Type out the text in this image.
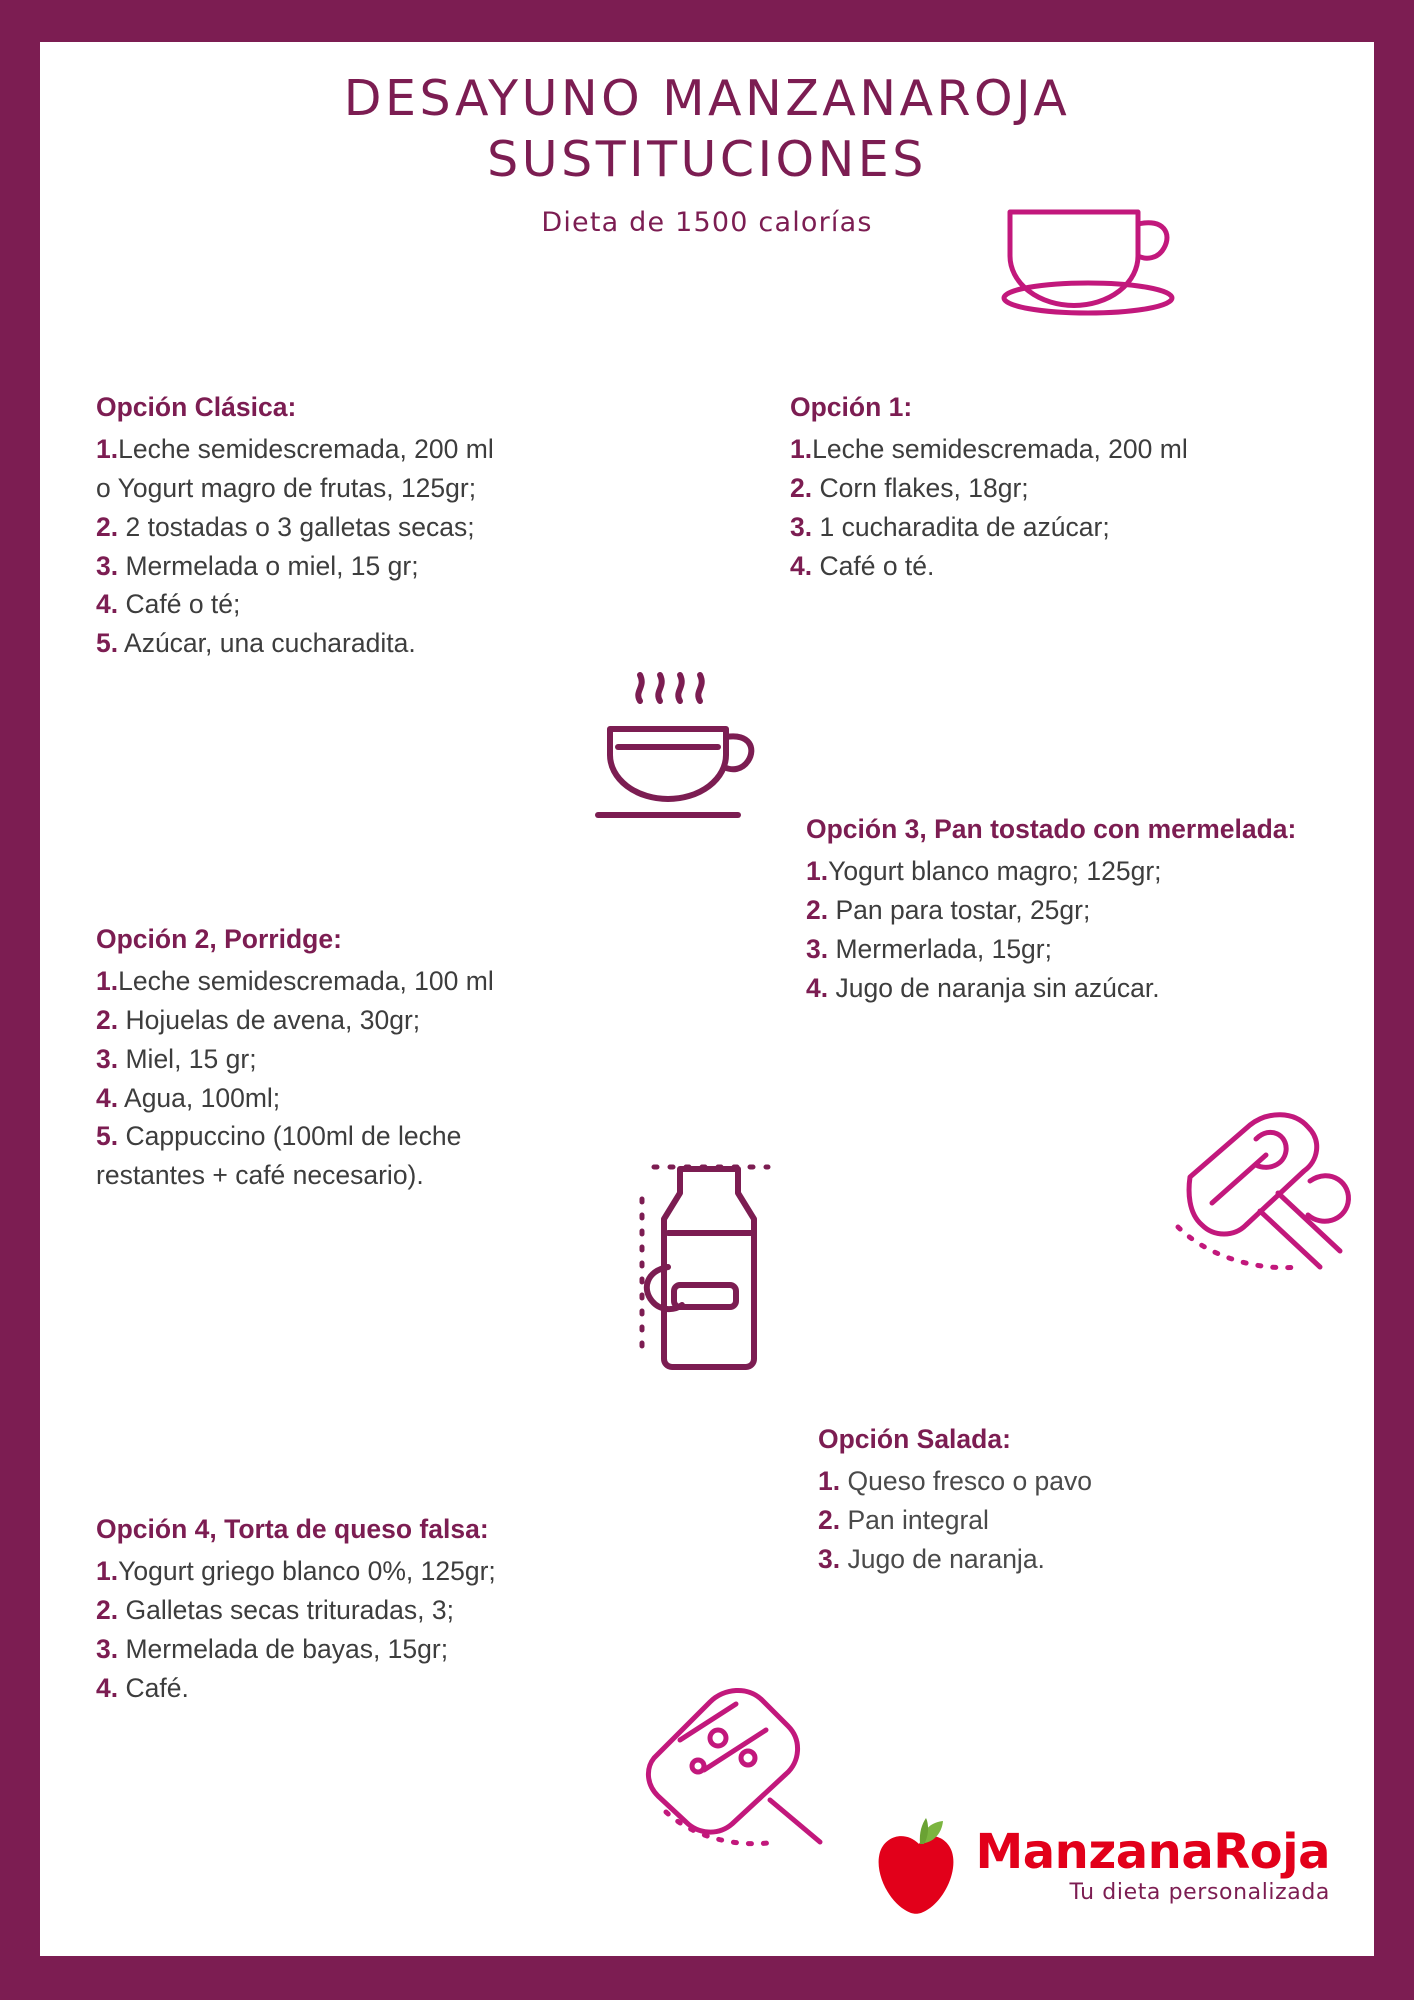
DESAYUNO MANZANAROJA
SUSTITUCIONES
Dieta de 1500 calorías
Opción Clásica:
1.Leche semidescremada, 200 ml
o Yogurt magro de frutas, 125gr;
2. 2 tostadas o 3 galletas secas;
3. Mermelada o miel, 15 gr;
4. Café o té;
5. Azúcar, una cucharadita.
Opción 1:
1.Leche semidescremada, 200 ml
2. Corn flakes, 18gr;
3. 1 cucharadita de azúcar;
4. Café o té.
Opción 3, Pan tostado con mermelada:
1.Yogurt blanco magro; 125gr;
2. Pan para tostar, 25gr;
3. Mermerlada, 15gr;
4. Jugo de naranja sin azúcar.
Opción 2, Porridge:
1.Leche semidescremada, 100 ml
2. Hojuelas de avena, 30gr;
3. Miel, 15 gr;
4. Agua, 100ml;
5. Cappuccino (100ml de leche
restantes + café necesario).
Opción Salada:
1. Queso fresco o pavo
2. Pan integral
3. Jugo de naranja.
Opción 4, Torta de queso falsa:
1.Yogurt griego blanco 0%, 125gr;
2. Galletas secas trituradas, 3;
3. Mermelada de bayas, 15gr;
4. Café.
ManzanaRoja
Tu dieta personalizada
